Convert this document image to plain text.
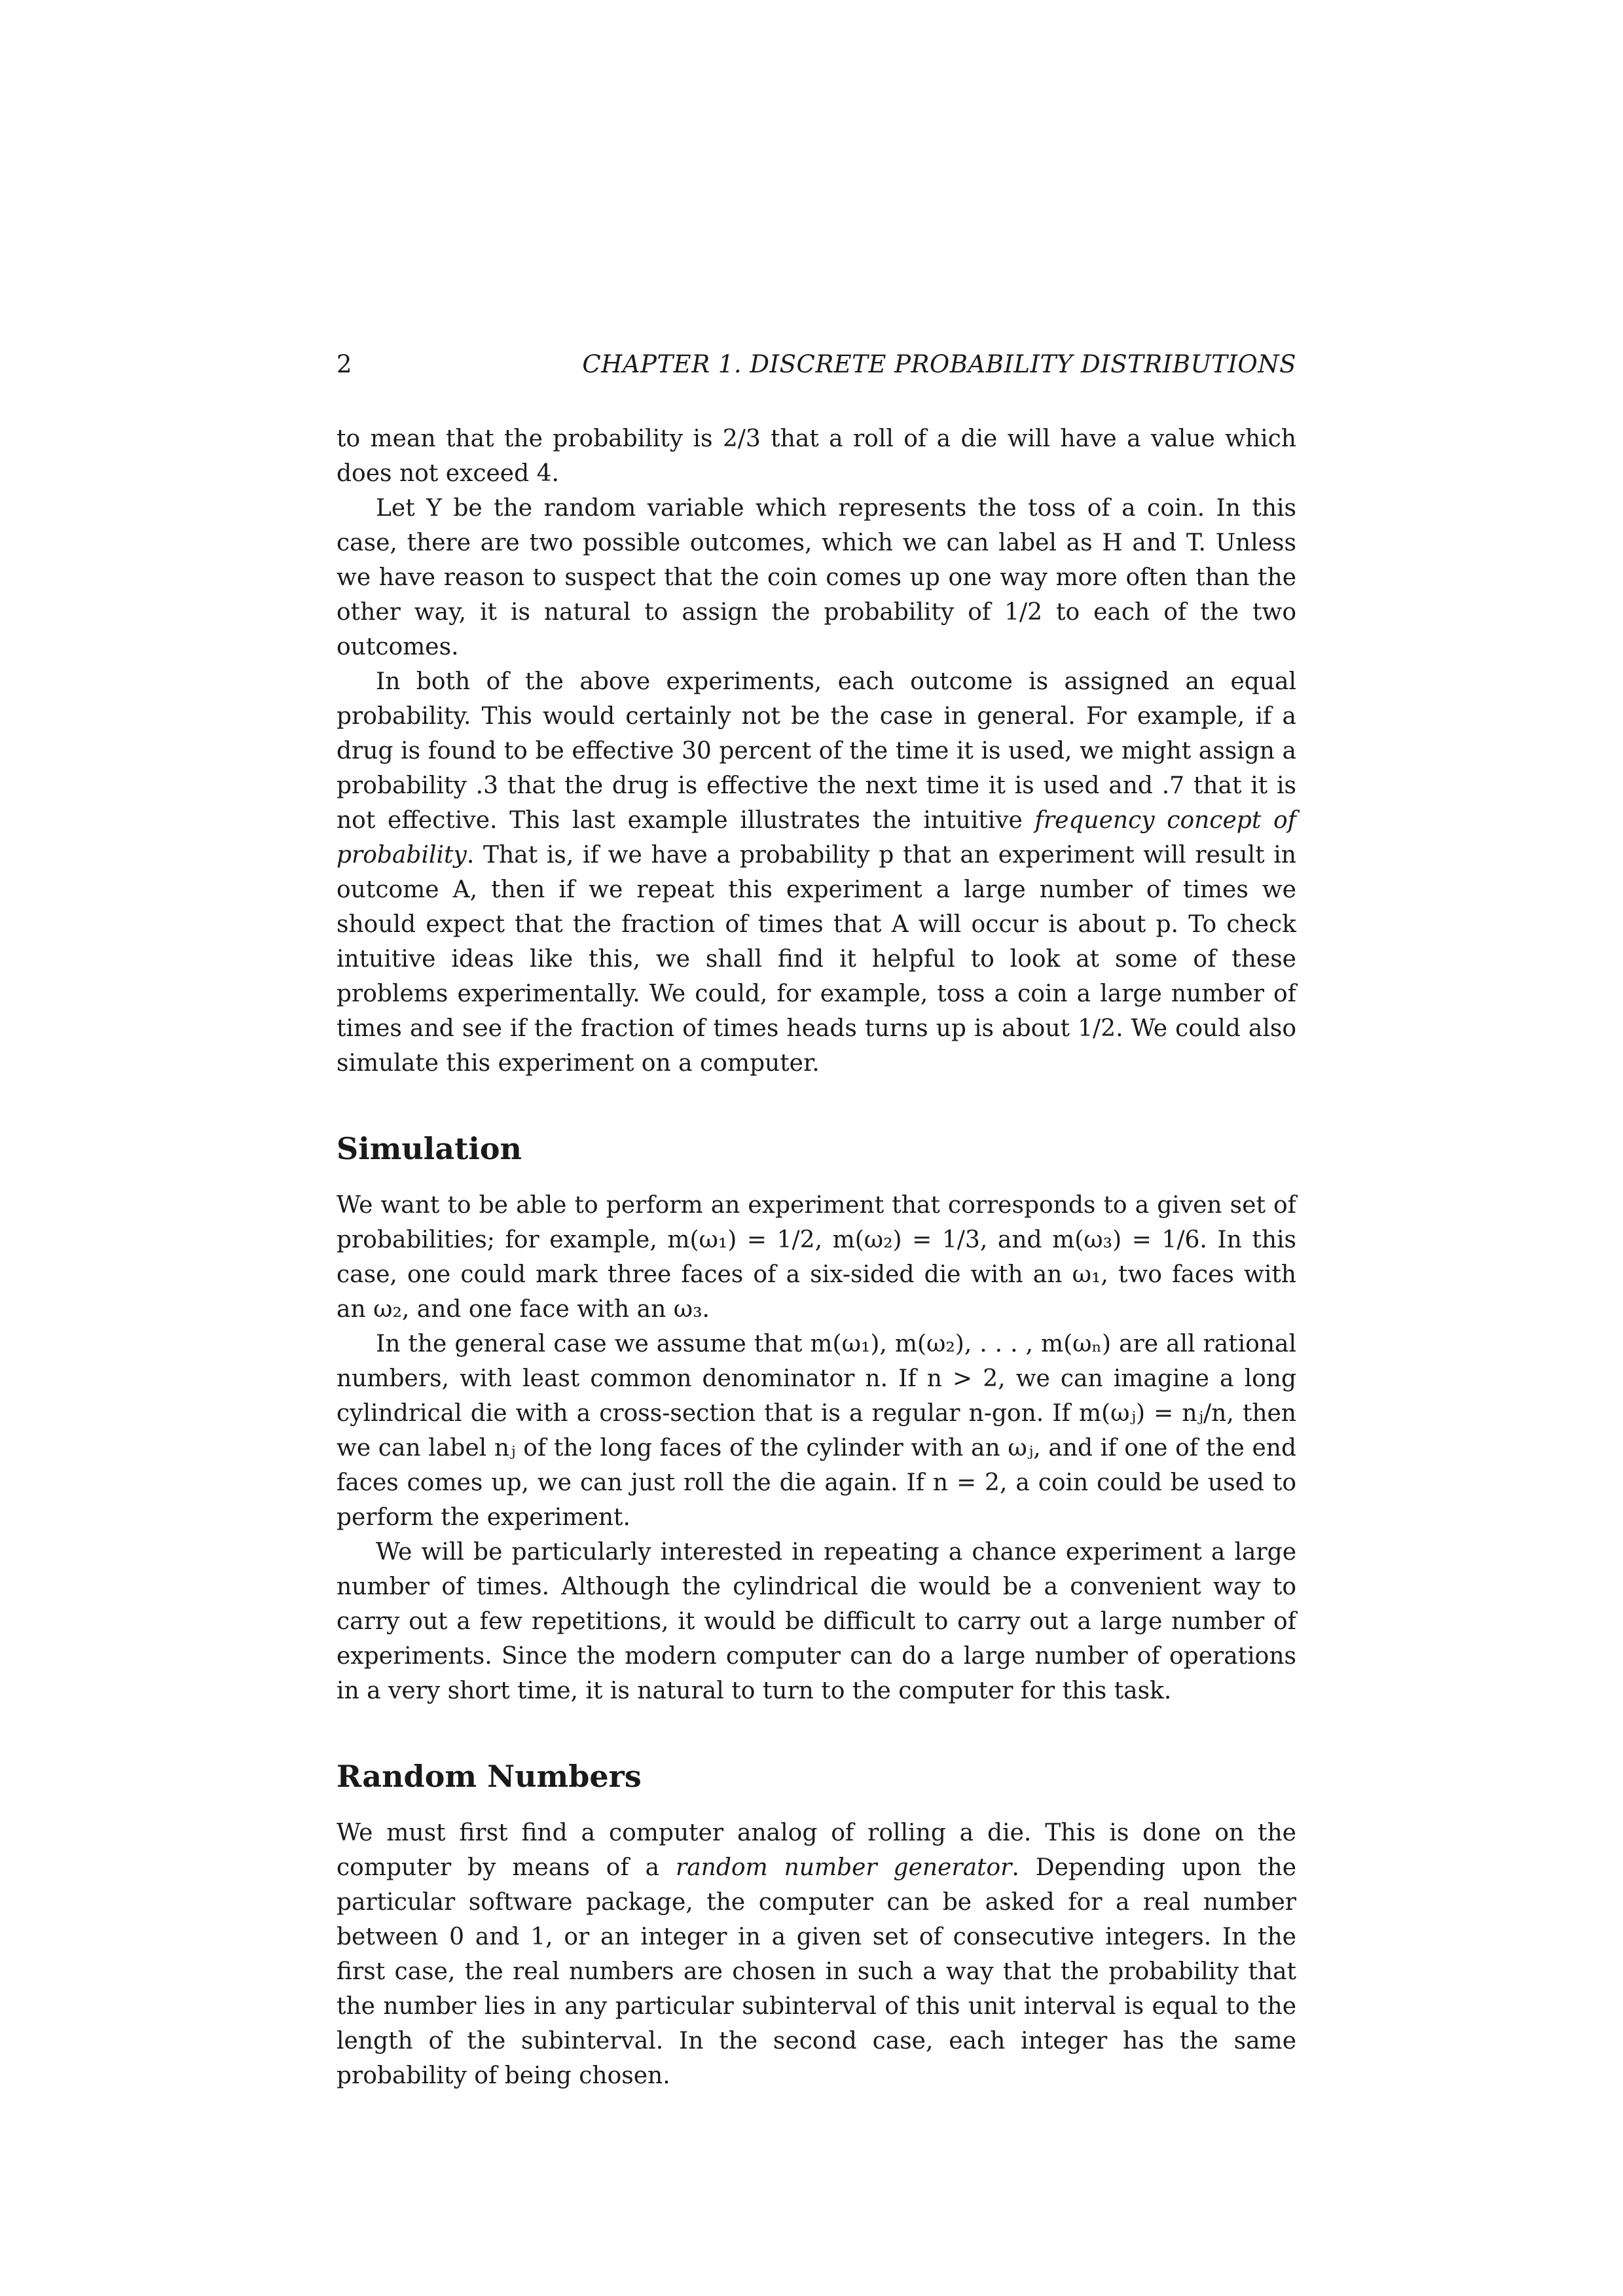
2	CHAPTER 1. DISCRETE PROBABILITY DISTRIBUTIONS

to mean that the probability is 2/3 that a roll of a die will have a value which does not exceed 4.

Let Y be the random variable which represents the toss of a coin. In this case, there are two possible outcomes, which we can label as H and T. Unless we have reason to suspect that the coin comes up one way more often than the other way, it is natural to assign the probability of 1/2 to each of the two outcomes.

In both of the above experiments, each outcome is assigned an equal probability. This would certainly not be the case in general. For example, if a drug is found to be effective 30 percent of the time it is used, we might assign a probability .3 that the drug is effective the next time it is used and .7 that it is not effective. This last example illustrates the intuitive frequency concept of probability. That is, if we have a probability p that an experiment will result in outcome A, then if we repeat this experiment a large number of times we should expect that the fraction of times that A will occur is about p. To check intuitive ideas like this, we shall find it helpful to look at some of these problems experimentally. We could, for example, toss a coin a large number of times and see if the fraction of times heads turns up is about 1/2. We could also simulate this experiment on a computer.

Simulation

We want to be able to perform an experiment that corresponds to a given set of probabilities; for example, m(ω₁) = 1/2, m(ω₂) = 1/3, and m(ω₃) = 1/6. In this case, one could mark three faces of a six-sided die with an ω₁, two faces with an ω₂, and one face with an ω₃.

In the general case we assume that m(ω₁), m(ω₂), . . . , m(ωₙ) are all rational numbers, with least common denominator n. If n > 2, we can imagine a long cylindrical die with a cross-section that is a regular n-gon. If m(ωⱼ) = nⱼ/n, then we can label nⱼ of the long faces of the cylinder with an ωⱼ, and if one of the end faces comes up, we can just roll the die again. If n = 2, a coin could be used to perform the experiment.

We will be particularly interested in repeating a chance experiment a large number of times. Although the cylindrical die would be a convenient way to carry out a few repetitions, it would be difficult to carry out a large number of experiments. Since the modern computer can do a large number of operations in a very short time, it is natural to turn to the computer for this task.

Random Numbers

We must first find a computer analog of rolling a die. This is done on the computer by means of a random number generator. Depending upon the particular software package, the computer can be asked for a real number between 0 and 1, or an integer in a given set of consecutive integers. In the first case, the real numbers are chosen in such a way that the probability that the number lies in any particular subinterval of this unit interval is equal to the length of the subinterval. In the second case, each integer has the same probability of being chosen.
